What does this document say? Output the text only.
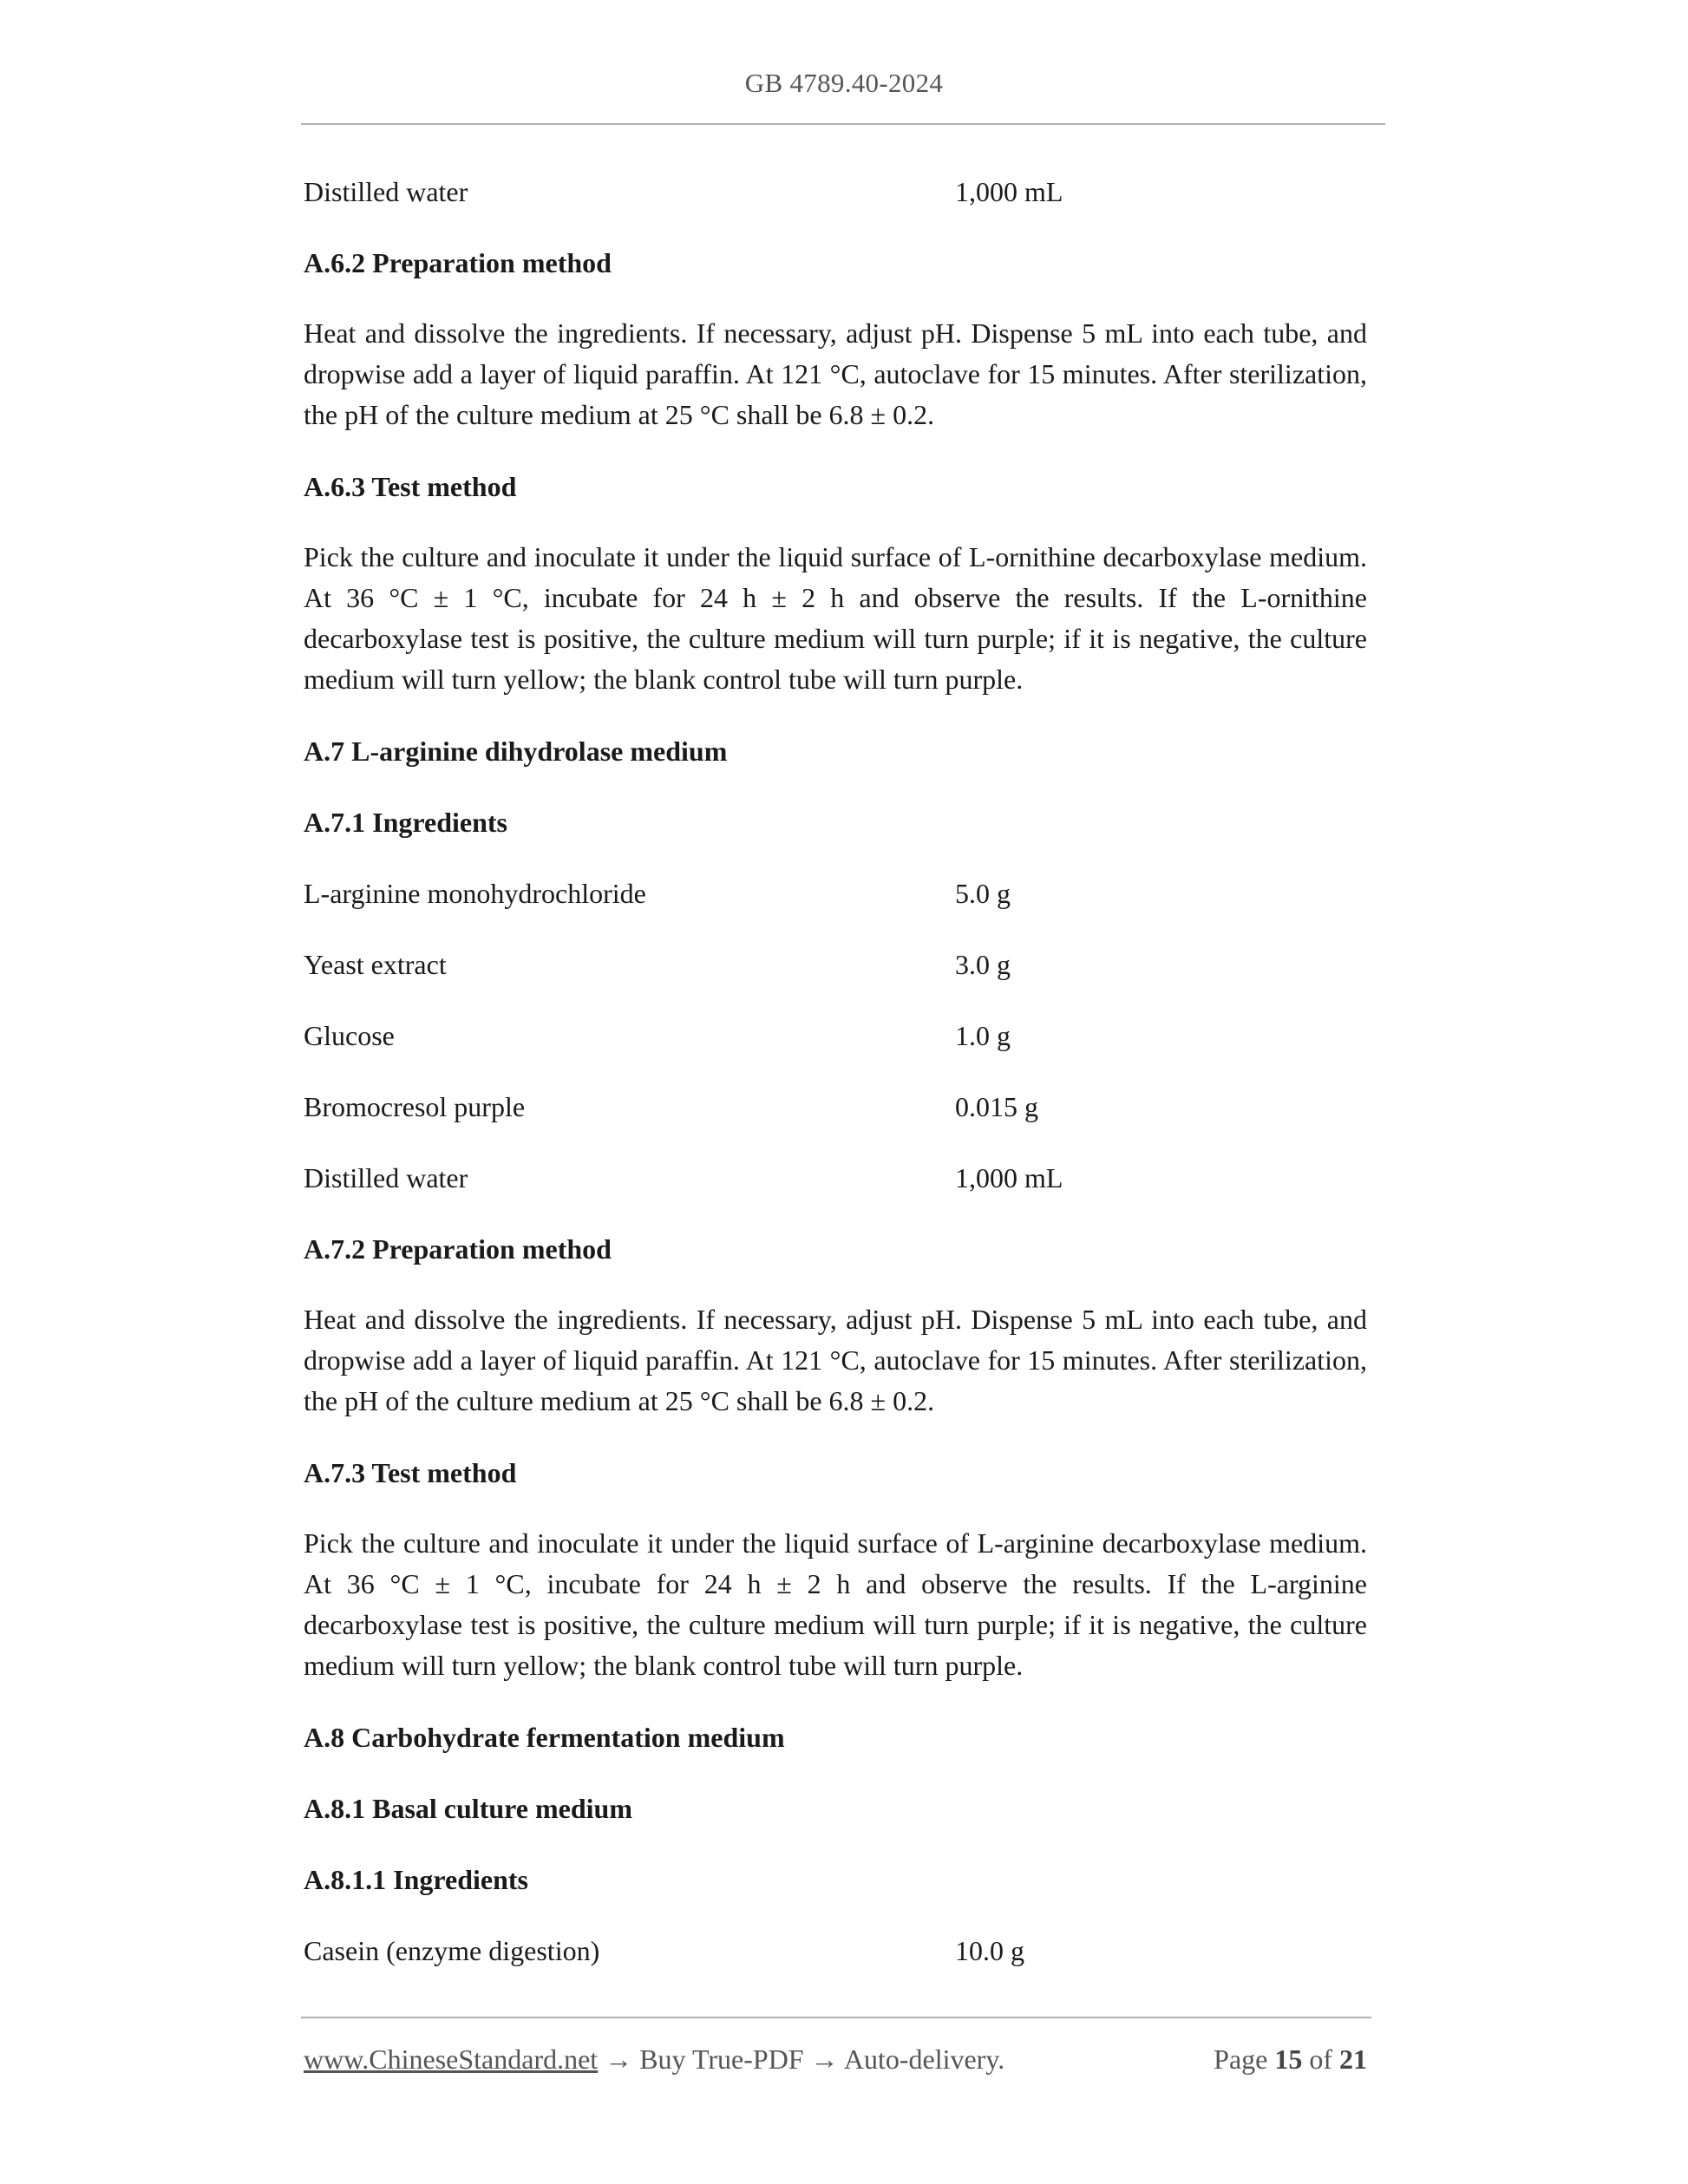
GB 4789.40-2024
Distilled water	1,000 mL
A.6.2 Preparation method
Heat and dissolve the ingredients. If necessary, adjust pH. Dispense 5 mL into each tube, and dropwise add a layer of liquid paraffin. At 121 °C, autoclave for 15 minutes. After sterilization, the pH of the culture medium at 25 °C shall be 6.8 ± 0.2.
A.6.3 Test method
Pick the culture and inoculate it under the liquid surface of L-ornithine decarboxylase medium. At 36 °C ± 1 °C, incubate for 24 h ± 2 h and observe the results. If the L-ornithine decarboxylase test is positive, the culture medium will turn purple; if it is negative, the culture medium will turn yellow; the blank control tube will turn purple.
A.7 L-arginine dihydrolase medium
A.7.1 Ingredients
L-arginine monohydrochloride	5.0 g
Yeast extract	3.0 g
Glucose	1.0 g
Bromocresol purple	0.015 g
Distilled water	1,000 mL
A.7.2 Preparation method
Heat and dissolve the ingredients. If necessary, adjust pH. Dispense 5 mL into each tube, and dropwise add a layer of liquid paraffin. At 121 °C, autoclave for 15 minutes. After sterilization, the pH of the culture medium at 25 °C shall be 6.8 ± 0.2.
A.7.3 Test method
Pick the culture and inoculate it under the liquid surface of L-arginine decarboxylase medium. At 36 °C ± 1 °C, incubate for 24 h ± 2 h and observe the results. If the L-arginine decarboxylase test is positive, the culture medium will turn purple; if it is negative, the culture medium will turn yellow; the blank control tube will turn purple.
A.8 Carbohydrate fermentation medium
A.8.1 Basal culture medium
A.8.1.1 Ingredients
Casein (enzyme digestion)	10.0 g
www.ChineseStandard.net → Buy True-PDF → Auto-delivery.	Page 15 of 21
